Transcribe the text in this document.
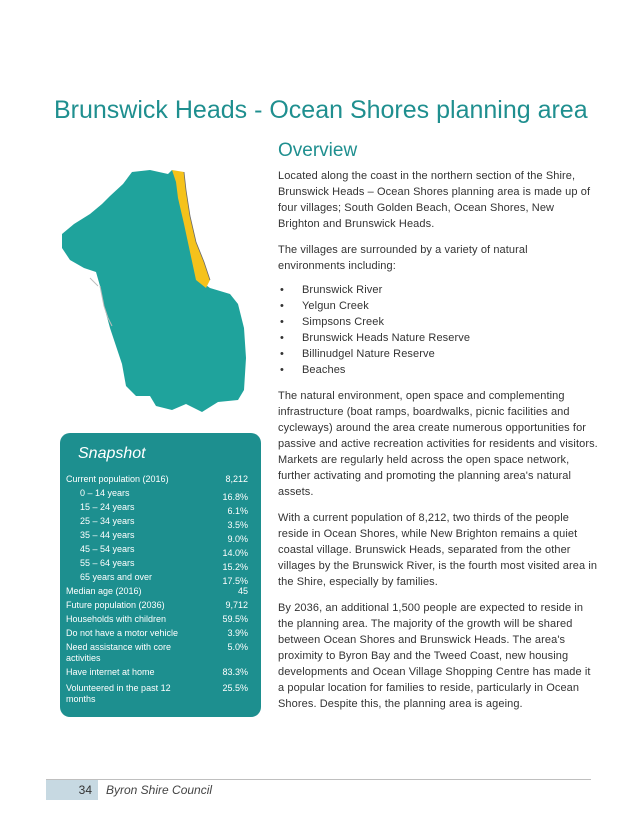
Brunswick Heads - Ocean Shores planning area
Overview

Located along the coast in the northern section of the Shire, Brunswick Heads – Ocean Shores planning area is made up of four villages; South Golden Beach, Ocean Shores, New Brighton and Brunswick Heads.

The villages are surrounded by a variety of natural environments including:

• Brunswick River
• Yelgun Creek
• Simpsons Creek
• Brunswick Heads Nature Reserve
• Billinudgel Nature Reserve
• Beaches

The natural environment, open space and complementing infrastructure (boat ramps, boardwalks, picnic facilities and cycleways) around the area create numerous opportunities for passive and active recreation activities for residents and visitors. Markets are regularly held across the open space network, further activating and promoting the planning area's natural assets.

With a current population of 8,212, two thirds of the people reside in Ocean Shores, while New Brighton remains a quiet coastal village. Brunswick Heads, separated from the other villages by the Brunswick River, is the fourth most visited area in the Shire, especially by families.

By 2036, an additional 1,500 people are expected to reside in the planning area. The majority of the growth will be shared between Ocean Shores and Brunswick Heads. The area's proximity to Byron Bay and the Tweed Coast, new housing developments and Ocean Village Shopping Centre has made it a popular location for families to reside, particularly in Ocean Shores. Despite this, the planning area is ageing.

Snapshot
Current population (2016)	8,212
0 – 14 years	16.8%
15 – 24 years	6.1%
25 – 34 years	3.5%
35 – 44 years	9.0%
45 – 54 years	14.0%
55 – 64 years	15.2%
65 years and over	17.5%
Median age (2016)	45
Future population (2036)	9,712
Households with children	59.5%
Do not have a motor vehicle	3.9%
Need assistance with core activities
5.0%
Have internet at home	83.3%
Volunteered in the past 12 months
25.5%
34	Byron Shire Council
